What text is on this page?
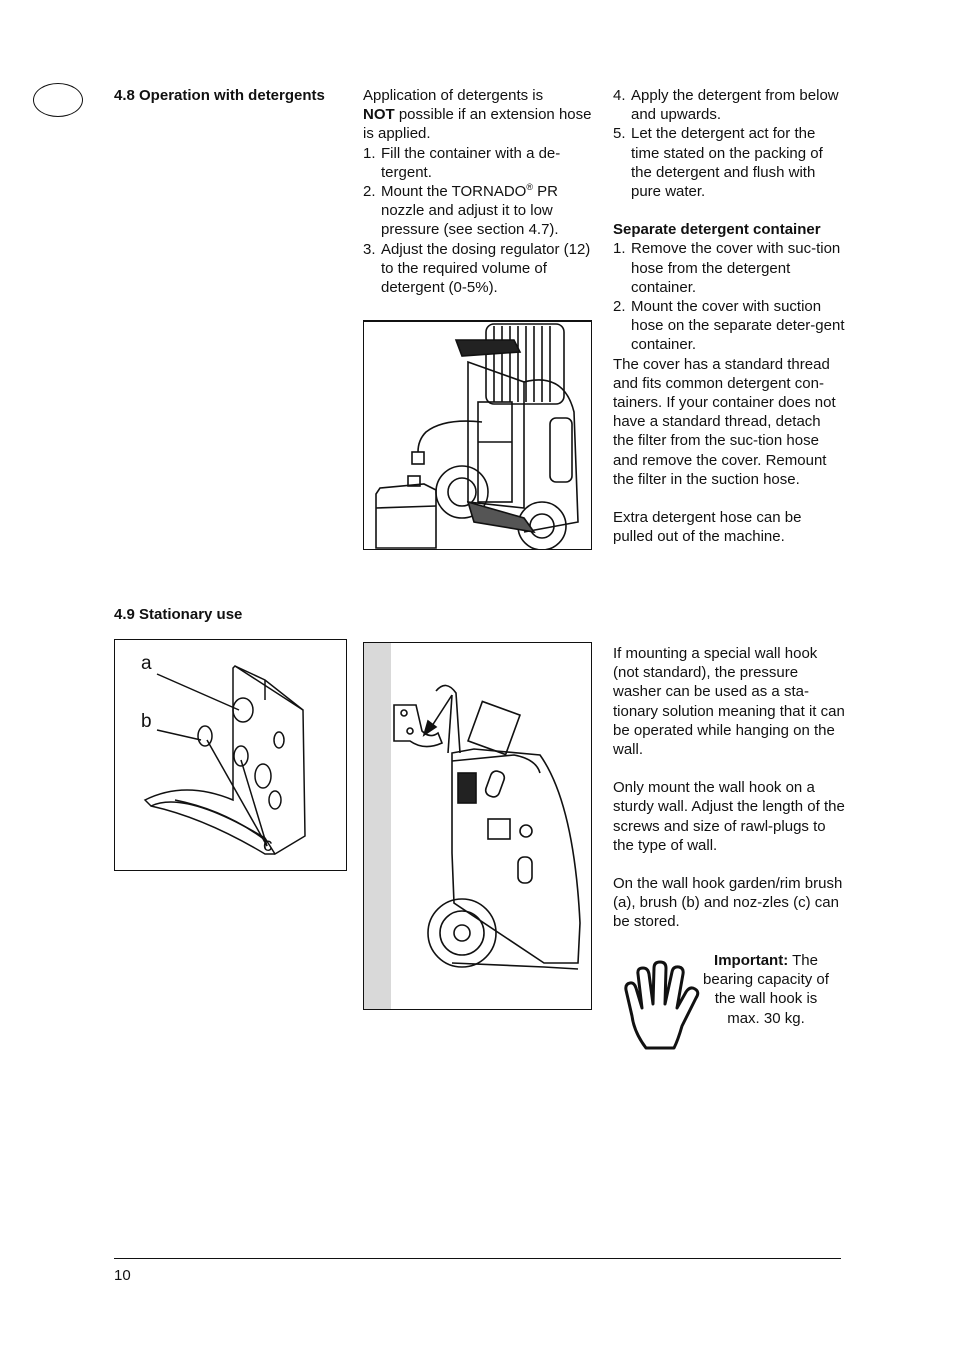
4.8 Operation with detergents	Application of detergents is
NOT possible if an extension hose is applied.

1. Fill the container with a de-tergent.
2. Mount the TORNADO® PR nozzle and adjust it to low pressure (see section 4.7).
3. Adjust the dosing regulator (12) to the required volume of detergent (0-5%).
4. Apply the detergent from below and upwards.
5. Let the detergent act for the time stated on the packing of the detergent and flush with pure water.

Separate detergent container

1. Remove the cover with suc-tion hose from the detergent container.
2. Mount the cover with suction hose on the separate deter-gent container.

The cover has a standard thread and fits common detergent con-tainers. If your container does not have a standard thread, detach the filter from the suc-tion hose and remove the cover. Remount the filter in the suction hose.

Extra detergent hose can be pulled out of the machine.

4.9 Stationary use
a
b
c

If mounting a special wall hook (not standard), the pressure washer can be used as a sta-tionary solution meaning that it can be operated while hanging on the wall.

Only mount the wall hook on a sturdy wall. Adjust the length of the screws and size of rawl-plugs to the type of wall.

On the wall hook garden/rim brush (a), brush (b) and noz-zles (c) can be stored.

Important: The
bearing capacity of
the wall hook is
max. 30 kg.
10
